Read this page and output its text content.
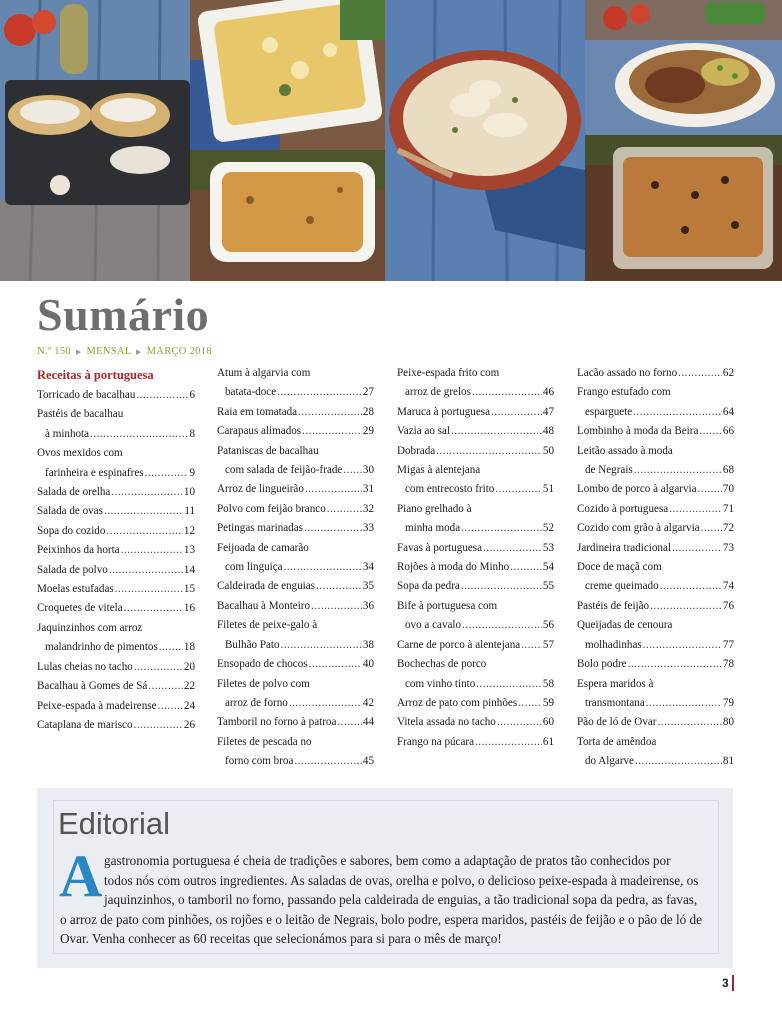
Sumário
N.º 150 ▶ MENSAL ▶ MARÇO 2018
Receitas à portuguesa
Torricado de bacalhau .....	6
Pastéis de bacalhau
à minhota .....	8
Ovos mexidos com
farinheira e espinafres .....	9
Salada de orelha .....	10
Salada de ovas .....	11
Sopa do cozido .....	12
Peixinhos da horta .....	13
Salada de polvo .....	14
Moelas estufadas .....	15
Croquetes de vitela .....	16
Jaquinzinhos com arroz
malandrinho de pimentos ..... 18
Lulas cheias no tacho .....	20
Bacalhau à Gomes de Sá .....	22
Peixe-espada à madeirense ..... 24
Cataplana de marisco .....	26
Atum à algarvia com
batata-doce .....	27
Raia em tomatada .....	28
Carapaus alimados .....	29
Pataniscas de bacalhau
com salada de feijão-frade ..... 30
Arroz de lingueirão .....	31
Polvo com feijão branco .....	32
Petingas marinadas .....	33
Feijoada de camarão
com linguiça .....	34
Caldeirada de enguias .....	35
Bacalhau à Monteiro .....	36
Filetes de peixe-galo à
Bulhão Pato .....	38
Ensopado de chocos .....	40
Filetes de polvo com
arroz de forno .....	42
Tamboril no forno à patroa ..... 44
Filetes de pescada no
forno com broa .....	45
Peixe-espada frito com
arroz de grelos .....	46
Maruca à portuguesa .....	47
Vazia ao sal .....	48
Dobrada .....	50
Migas à alentejana
com entrecosto frito .....	51
Piano grelhado à
minha moda .....	52
Favas à portuguesa .....	53
Rojões à moda do Minho .....	54
Sopa da pedra .....	55
Bife à portuguesa com
ovo a cavalo .....	56
Carne de porco à alentejana ..... 57
Bochechas de porco
com vinho tinto .....	58
Arroz de pato com pinhões ..... 59
Vitela assada no tacho .....	60
Frango na púcara .....	61
Lacão assado no forno .....	62
Frango estufado com
esparguete .....	64
Lombinho à moda da Beira ..... 66
Leitão assado à moda
de Negrais .....	68
Lombo de porco à algarvia ..... 70
Cozido à portuguesa .....	71
Cozido com grão à algarvia ..... 72
Jardineira tradicional .....	73
Doce de maçã com
creme queimado .....	74
Pastéis de feijão .....	76
Queijadas de cenoura
molhadinhas .....	77
Bolo podre .....	78
Espera maridos à
transmontana .....	79
Pão de ló de Ovar .....	80
Torta de amêndoa
do Algarve .....	81
Editorial
A gastronomia portuguesa é cheia de tradições e sabores, bem como a adaptação de pratos tão conhecidos por
todos nós com outros ingredientes. As saladas de ovas, orelha e polvo, o delicioso peixe-espada à madeirense, os
jaquinzinhos, o tamboril no forno, passando pela caldeirada de enguias, a tão tradicional sopa da pedra, as favas,
o arroz de pato com pinhões, os rojões e o leitão de Negrais, bolo podre, espera maridos, pastéis de feijão e o pão de ló de
Ovar. Venha conhecer as 60 receitas que selecionámos para si para o mês de março!
3
